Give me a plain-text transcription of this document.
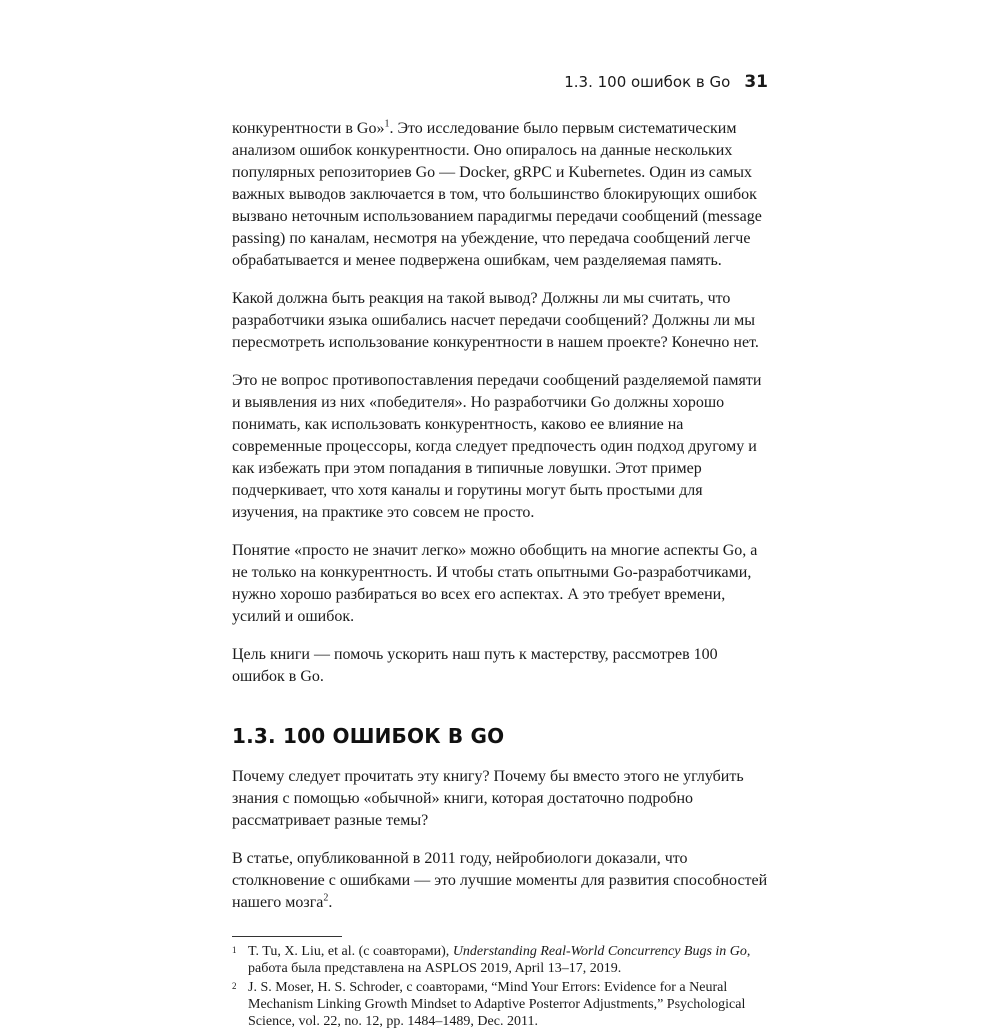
1.3. 100 ошибок в Go 31

конкурентности в Go»$^1$. Это исследование было первым систематическим анализом ошибок конкурентности. Оно опиралось на данные нескольких популярных репозиториев Go — Docker, gRPC и Kubernetes. Один из самых важных выводов заключается в том, что большинство блокирующих ошибок вызвано неточным использованием парадигмы передачи сообщений (message passing) по каналам, несмотря на убеждение, что передача сообщений легче обрабатывается и менее подвержена ошибкам, чем разделяемая память.

Какой должна быть реакция на такой вывод? Должны ли мы считать, что разработчики языка ошибались насчет передачи сообщений? Должны ли мы пересмотреть использование конкурентности в нашем проекте? Конечно нет.

Это не вопрос противопоставления передачи сообщений разделяемой памяти и выявления из них «победителя». Но разработчики Go должны хорошо понимать, как использовать конкурентность, каково ее влияние на современные процессоры, когда следует предпочесть один подход другому и как избежать при этом попадания в типичные ловушки. Этот пример подчеркивает, что хотя каналы и горутины могут быть простыми для изучения, на практике это совсем не просто.

Понятие «просто не значит легко» можно обобщить на многие аспекты Go, а не только на конкурентность. И чтобы стать опытными Go-разработчиками, нужно хорошо разбираться во всех его аспектах. А это требует времени, усилий и ошибок.

Цель книги — помочь ускорить наш путь к мастерству, рассмотрев 100 ошибок в Go.

1.3. 100 ОШИБОК В GO

Почему следует прочитать эту книгу? Почему бы вместо этого не углубить знания с помощью «обычной» книги, которая достаточно подробно рассматривает разные темы?

В статье, опубликованной в 2011 году, нейробиологи доказали, что столкновение с ошибками — это лучшие моменты для развития способностей нашего мозга$^2$.

1 T. Tu, X. Liu, et al. (с соавторами), Understanding Real-World Concurrency Bugs in Go, работа была представлена на ASPLOS 2019, April 13–17, 2019.
2 J. S. Moser, H. S. Schroder, с соавторами, “Mind Your Errors: Evidence for a Neural Mechanism Linking Growth Mindset to Adaptive Posterror Adjustments,” Psychological Science, vol. 22, no. 12, pp. 1484–1489, Dec. 2011.
